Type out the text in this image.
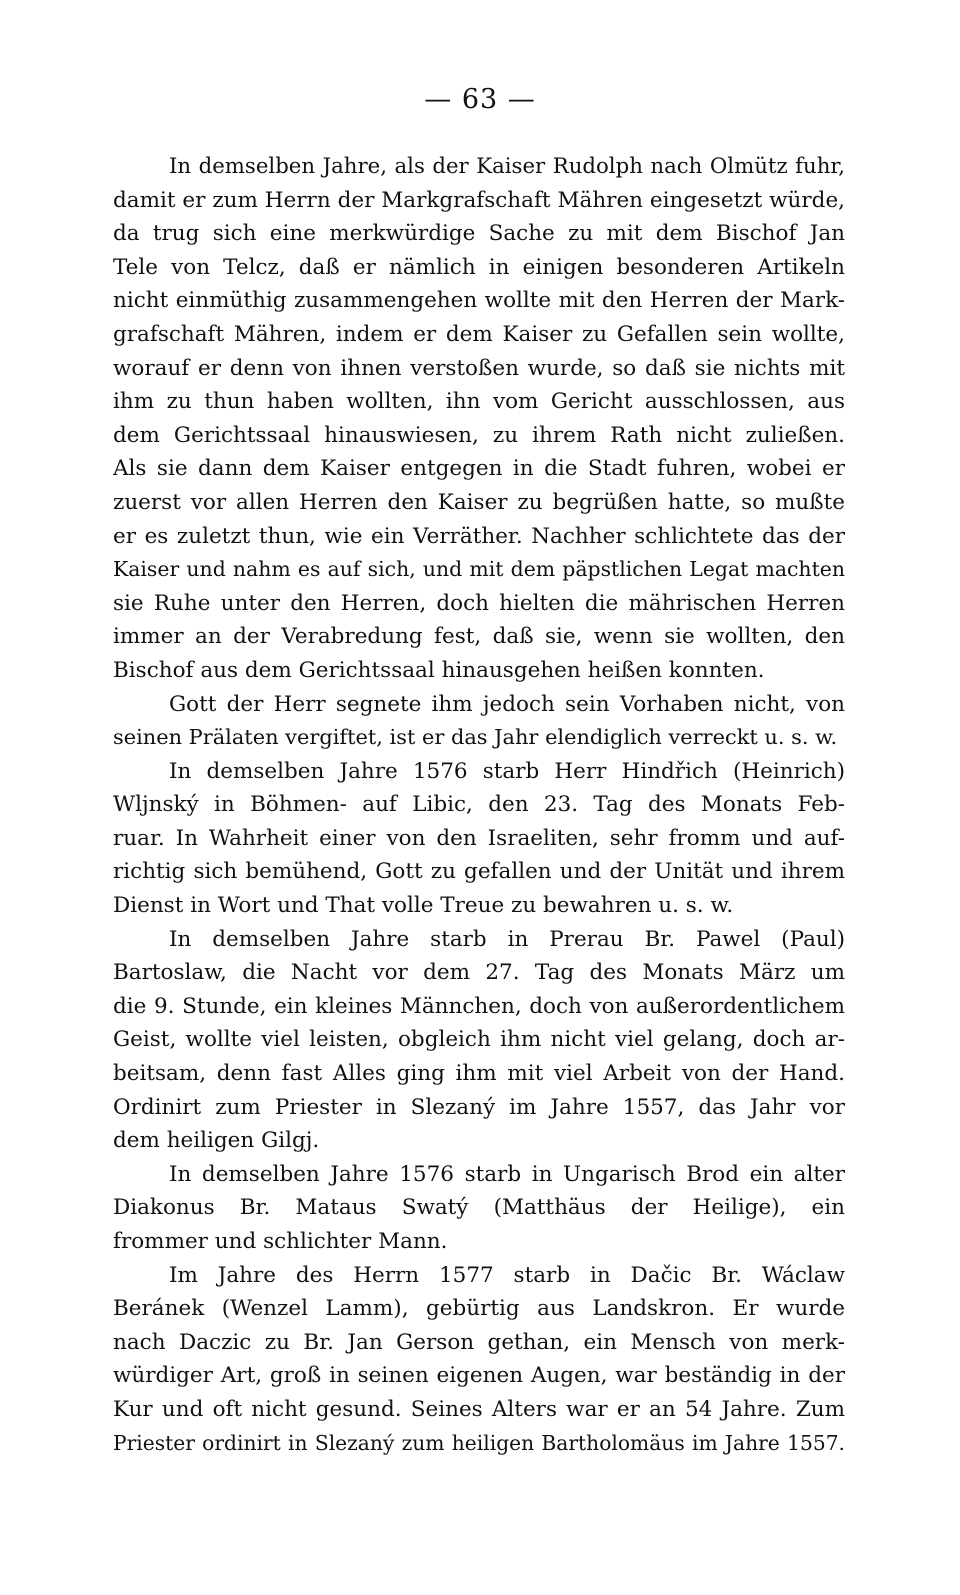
— 63 —
In demselben Jahre, als der Kaiser Rudolph nach Olmütz fuhr,
damit er zum Herrn der Markgrafschaft Mähren eingesetzt würde,
da trug sich eine merkwürdige Sache zu mit dem Bischof Jan
Tele von Telcz, daß er nämlich in einigen besonderen Artikeln
nicht einmüthig zusammengehen wollte mit den Herren der Mark-
grafschaft Mähren, indem er dem Kaiser zu Gefallen sein wollte,
worauf er denn von ihnen verstoßen wurde, so daß sie nichts mit
ihm zu thun haben wollten, ihn vom Gericht ausschlossen, aus
dem Gerichtssaal hinauswiesen, zu ihrem Rath nicht zuließen.
Als sie dann dem Kaiser entgegen in die Stadt fuhren, wobei er
zuerst vor allen Herren den Kaiser zu begrüßen hatte, so mußte
er es zuletzt thun, wie ein Verräther. Nachher schlichtete das der
Kaiser und nahm es auf sich, und mit dem päpstlichen Legat machten
sie Ruhe unter den Herren, doch hielten die mährischen Herren
immer an der Verabredung fest, daß sie, wenn sie wollten, den
Bischof aus dem Gerichtssaal hinausgehen heißen konnten.
Gott der Herr segnete ihm jedoch sein Vorhaben nicht, von
seinen Prälaten vergiftet, ist er das Jahr elendiglich verreckt u. s. w.
In demselben Jahre 1576 starb Herr Hindřich (Heinrich)
Wljnský in Böhmen- auf Libic, den 23. Tag des Monats Feb-
ruar. In Wahrheit einer von den Israeliten, sehr fromm und auf-
richtig sich bemühend, Gott zu gefallen und der Unität und ihrem
Dienst in Wort und That volle Treue zu bewahren u. s. w.
In demselben Jahre starb in Prerau Br. Pawel (Paul)
Bartoslaw, die Nacht vor dem 27. Tag des Monats März um
die 9. Stunde, ein kleines Männchen, doch von außerordentlichem
Geist, wollte viel leisten, obgleich ihm nicht viel gelang, doch ar-
beitsam, denn fast Alles ging ihm mit viel Arbeit von der Hand.
Ordinirt zum Priester in Slezaný im Jahre 1557, das Jahr vor
dem heiligen Gilgj.
In demselben Jahre 1576 starb in Ungarisch Brod ein alter
Diakonus Br. Mataus Swatý (Matthäus der Heilige), ein
frommer und schlichter Mann.
Im Jahre des Herrn 1577 starb in Dačic Br. Wáclaw
Beránek (Wenzel Lamm), gebürtig aus Landskron. Er wurde
nach Daczic zu Br. Jan Gerson gethan, ein Mensch von merk-
würdiger Art, groß in seinen eigenen Augen, war beständig in der
Kur und oft nicht gesund. Seines Alters war er an 54 Jahre. Zum
Priester ordinirt in Slezaný zum heiligen Bartholomäus im Jahre 1557.
